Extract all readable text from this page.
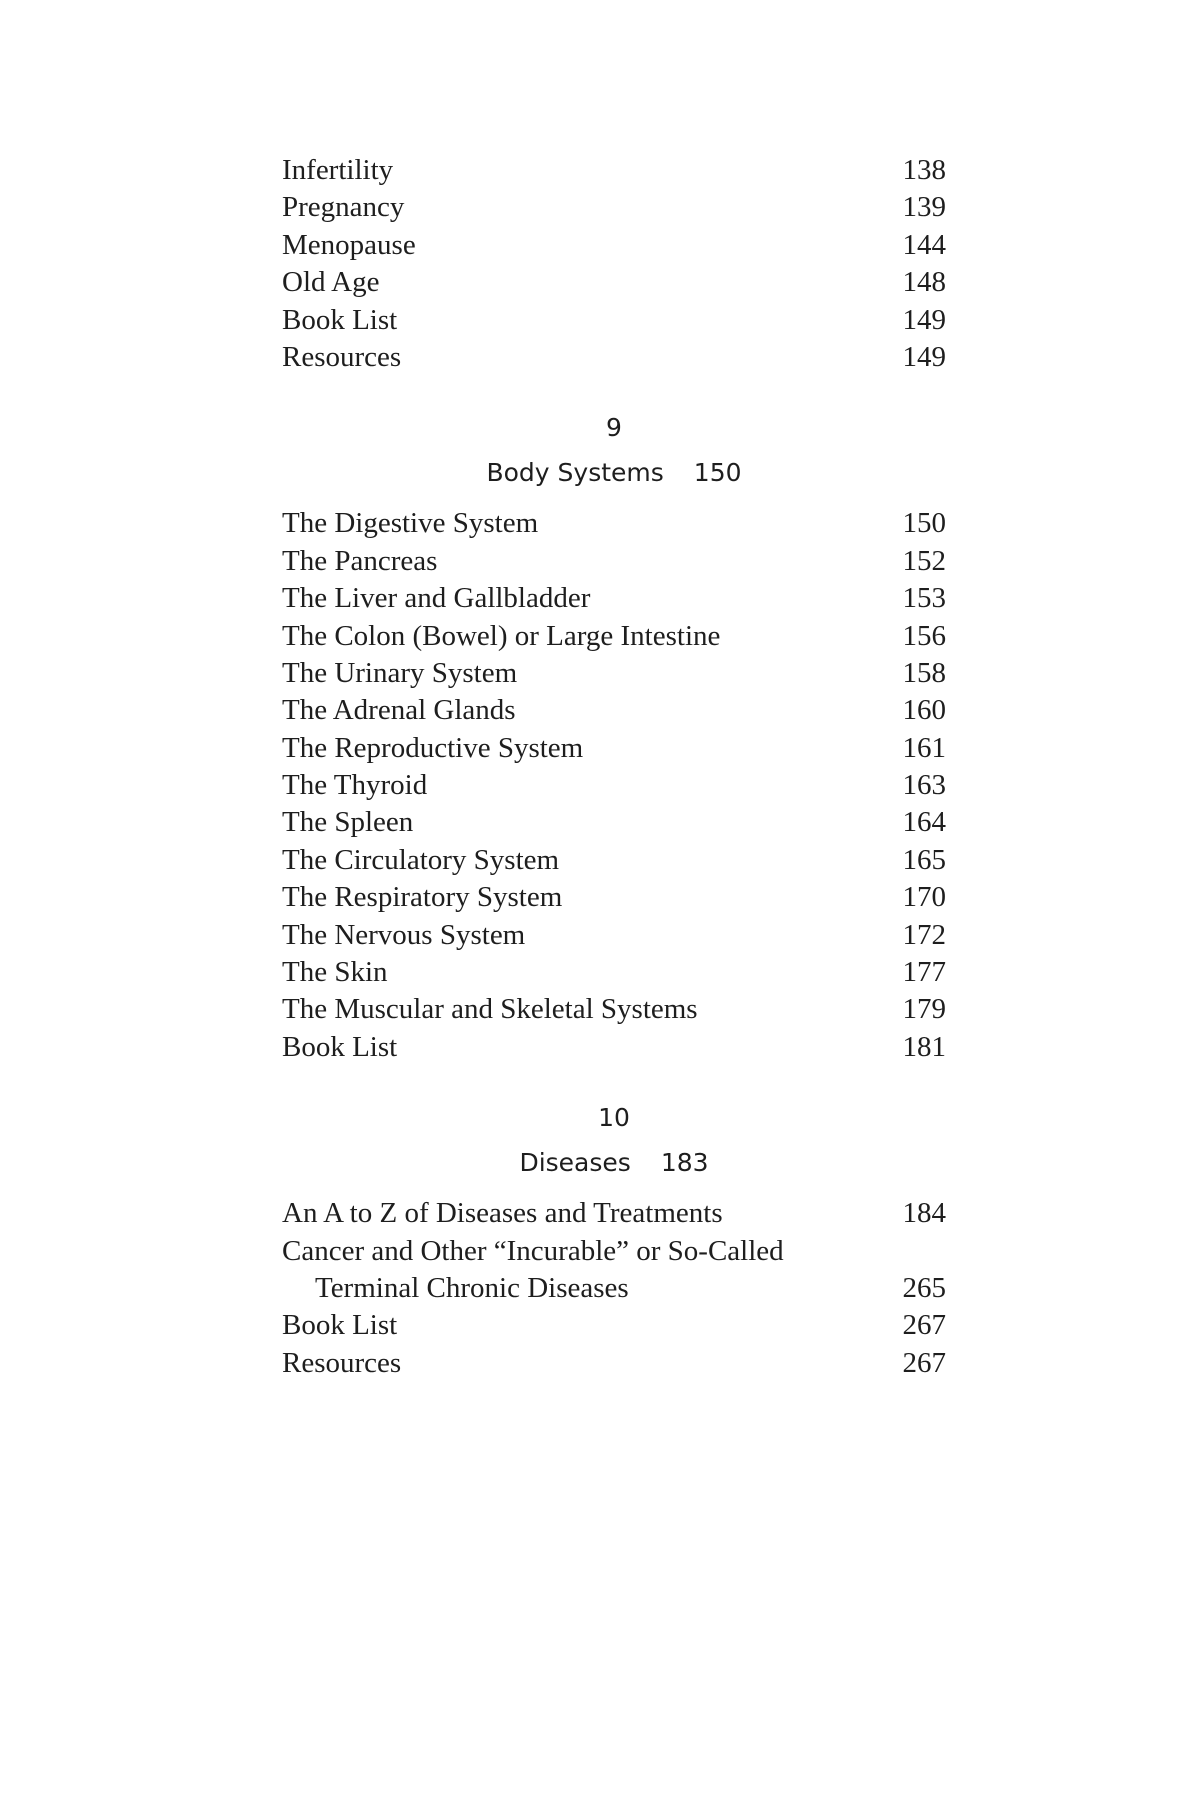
Infertility	138
Pregnancy	139
Menopause	144
Old Age	148
Book List	149
Resources	149
9
Body Systems 150
The Digestive System	150
The Pancreas	152
The Liver and Gallbladder	153
The Colon (Bowel) or Large Intestine	156
The Urinary System	158
The Adrenal Glands	160
The Reproductive System	161
The Thyroid	163
The Spleen	164
The Circulatory System	165
The Respiratory System	170
The Nervous System	172
The Skin	177
The Muscular and Skeletal Systems	179
Book List	181
10
Diseases 183
An A to Z of Diseases and Treatments	184
Cancer and Other “Incurable” or So-Called
Terminal Chronic Diseases	265
Book List	267
Resources	267
